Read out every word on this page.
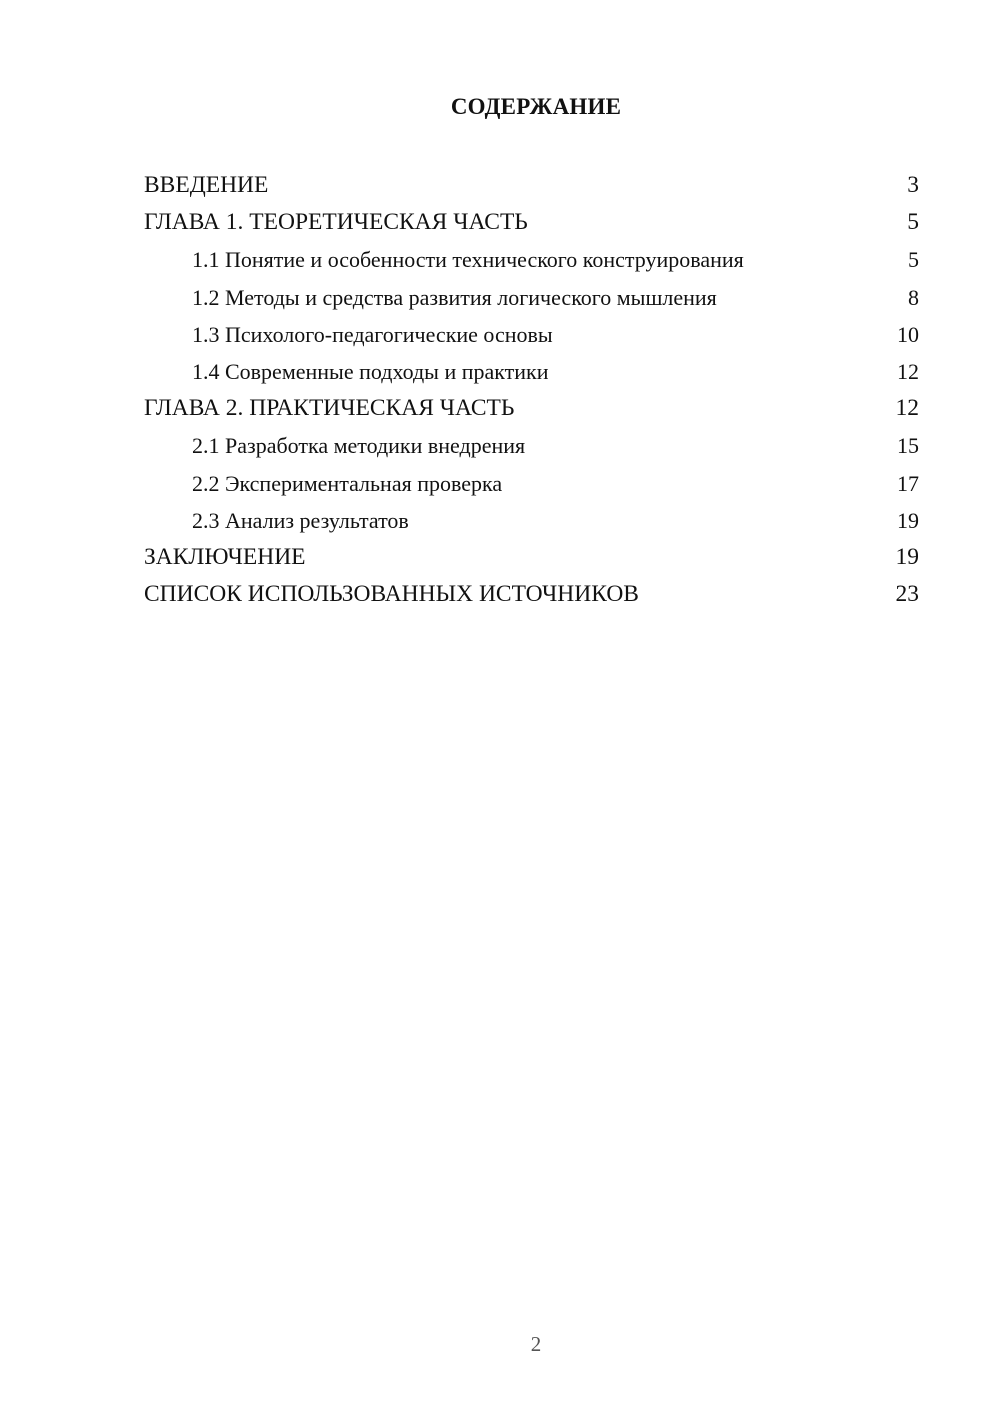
СОДЕРЖАНИЕ
ВВЕДЕНИЕ	3
ГЛАВА 1. ТЕОРЕТИЧЕСКАЯ ЧАСТЬ	5
1.1 Понятие и особенности технического конструирования	5
1.2 Методы и средства развития логического мышления	8
1.3 Психолого-педагогические основы	10
1.4 Современные подходы и практики	12
ГЛАВА 2. ПРАКТИЧЕСКАЯ ЧАСТЬ	12
2.1 Разработка методики внедрения	15
2.2 Экспериментальная проверка	17
2.3 Анализ результатов	19
ЗАКЛЮЧЕНИЕ	19
СПИСОК ИСПОЛЬЗОВАННЫХ ИСТОЧНИКОВ	23
2
